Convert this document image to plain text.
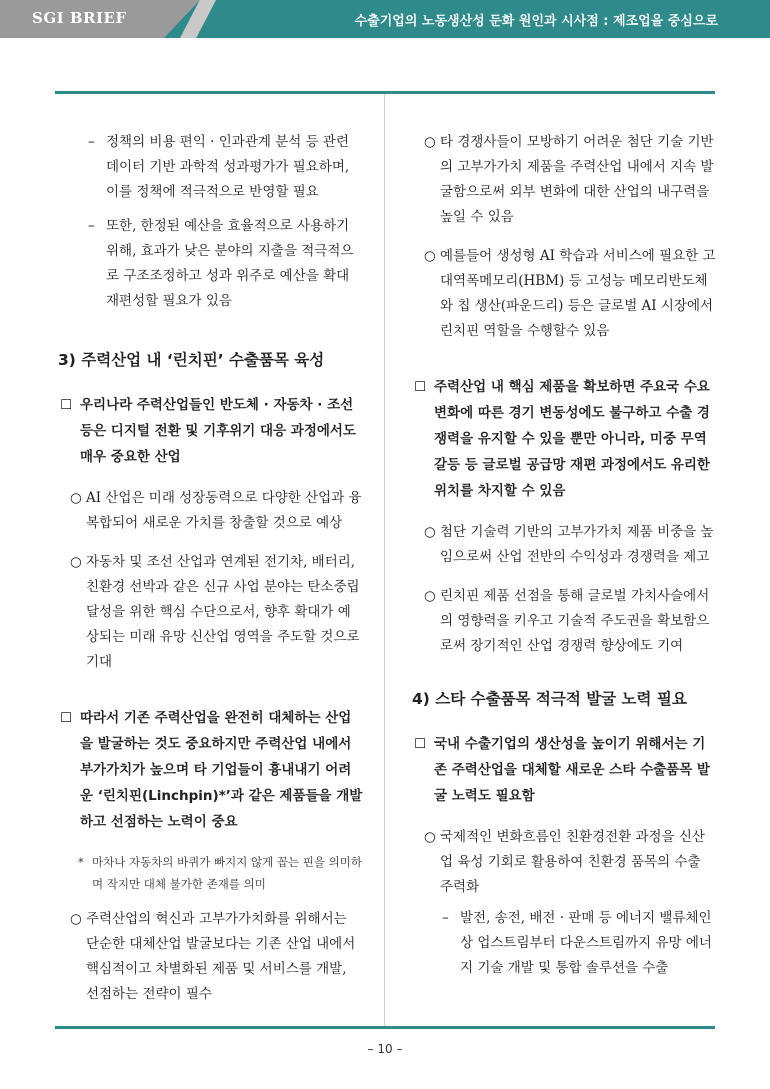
SGI BRIEF	수출기업의 노동생산성 둔화 원인과 시사점 : 제조업을 중심으로
– 정책의 비용 편익 · 인과관계 분석 등 관련 데이터 기반 과학적 성과평가가 필요하며, 이를 정책에 적극적으로 반영할 필요
– 또한, 한정된 예산을 효율적으로 사용하기 위해, 효과가 낮은 분야의 지출을 적극적으로 구조조정하고 성과 위주로 예산을 확대 재편성할 필요가 있음
3) 주력산업 내 ‘린치핀’ 수출품목 육성
☐ 우리나라 주력산업들인 반도체 · 자동차 · 조선 등은 디지털 전환 및 기후위기 대응 과정에서도 매우 중요한 산업
○ AI 산업은 미래 성장동력으로 다양한 산업과 융복합되어 새로운 가치를 창출할 것으로 예상
○ 자동차 및 조선 산업과 연계된 전기차, 배터리, 친환경 선박과 같은 신규 사업 분야는 탄소중립 달성을 위한 핵심 수단으로서, 향후 확대가 예상되는 미래 유망 신산업 영역을 주도할 것으로 기대
☐ 따라서 기존 주력산업을 완전히 대체하는 산업을 발굴하는 것도 중요하지만 주력산업 내에서 부가가치가 높으며 타 기업들이 흉내내기 어려운 ‘린치핀(Linchpin)*’과 같은 제품들을 개발하고 선점하는 노력이 중요
* 마차나 자동차의 바퀴가 빠지지 않게 꼽는 핀을 의미하며 작지만 대체 불가한 존재를 의미
○ 주력산업의 혁신과 고부가가치화를 위해서는 단순한 대체산업 발굴보다는 기존 산업 내에서 핵심적이고 차별화된 제품 및 서비스를 개발, 선점하는 전략이 필수
○ 타 경쟁사들이 모방하기 어려운 첨단 기술 기반의 고부가가치 제품을 주력산업 내에서 지속 발굴함으로써 외부 변화에 대한 산업의 내구력을 높일 수 있음
○ 예를들어 생성형 AI 학습과 서비스에 필요한 고대역폭메모리(HBM) 등 고성능 메모리반도체와 칩 생산(파운드리) 등은 글로벌 AI 시장에서 린치핀 역할을 수행할수 있음
☐ 주력산업 내 핵심 제품을 확보하면 주요국 수요 변화에 따른 경기 변동성에도 불구하고 수출 경쟁력을 유지할 수 있을 뿐만 아니라, 미중 무역갈등 등 글로벌 공급망 재편 과정에서도 유리한 위치를 차지할 수 있음
○ 첨단 기술력 기반의 고부가가치 제품 비중을 높임으로써 산업 전반의 수익성과 경쟁력을 제고
○ 린치핀 제품 선점을 통해 글로벌 가치사슬에서의 영향력을 키우고 기술적 주도권을 확보함으로써 장기적인 산업 경쟁력 향상에도 기여
4) 스타 수출품목 적극적 발굴 노력 필요
☐ 국내 수출기업의 생산성을 높이기 위해서는 기존 주력산업을 대체할 새로운 스타 수출품목 발굴 노력도 필요함
○ 국제적인 변화흐름인 친환경전환 과정을 신산업 육성 기회로 활용하여 친환경 품목의 수출 주력화
– 발전, 송전, 배전 · 판매 등 에너지 밸류체인 상 업스트림부터 다운스트림까지 유망 에너지 기술 개발 및 통합 솔루션을 수출
– 10 –
